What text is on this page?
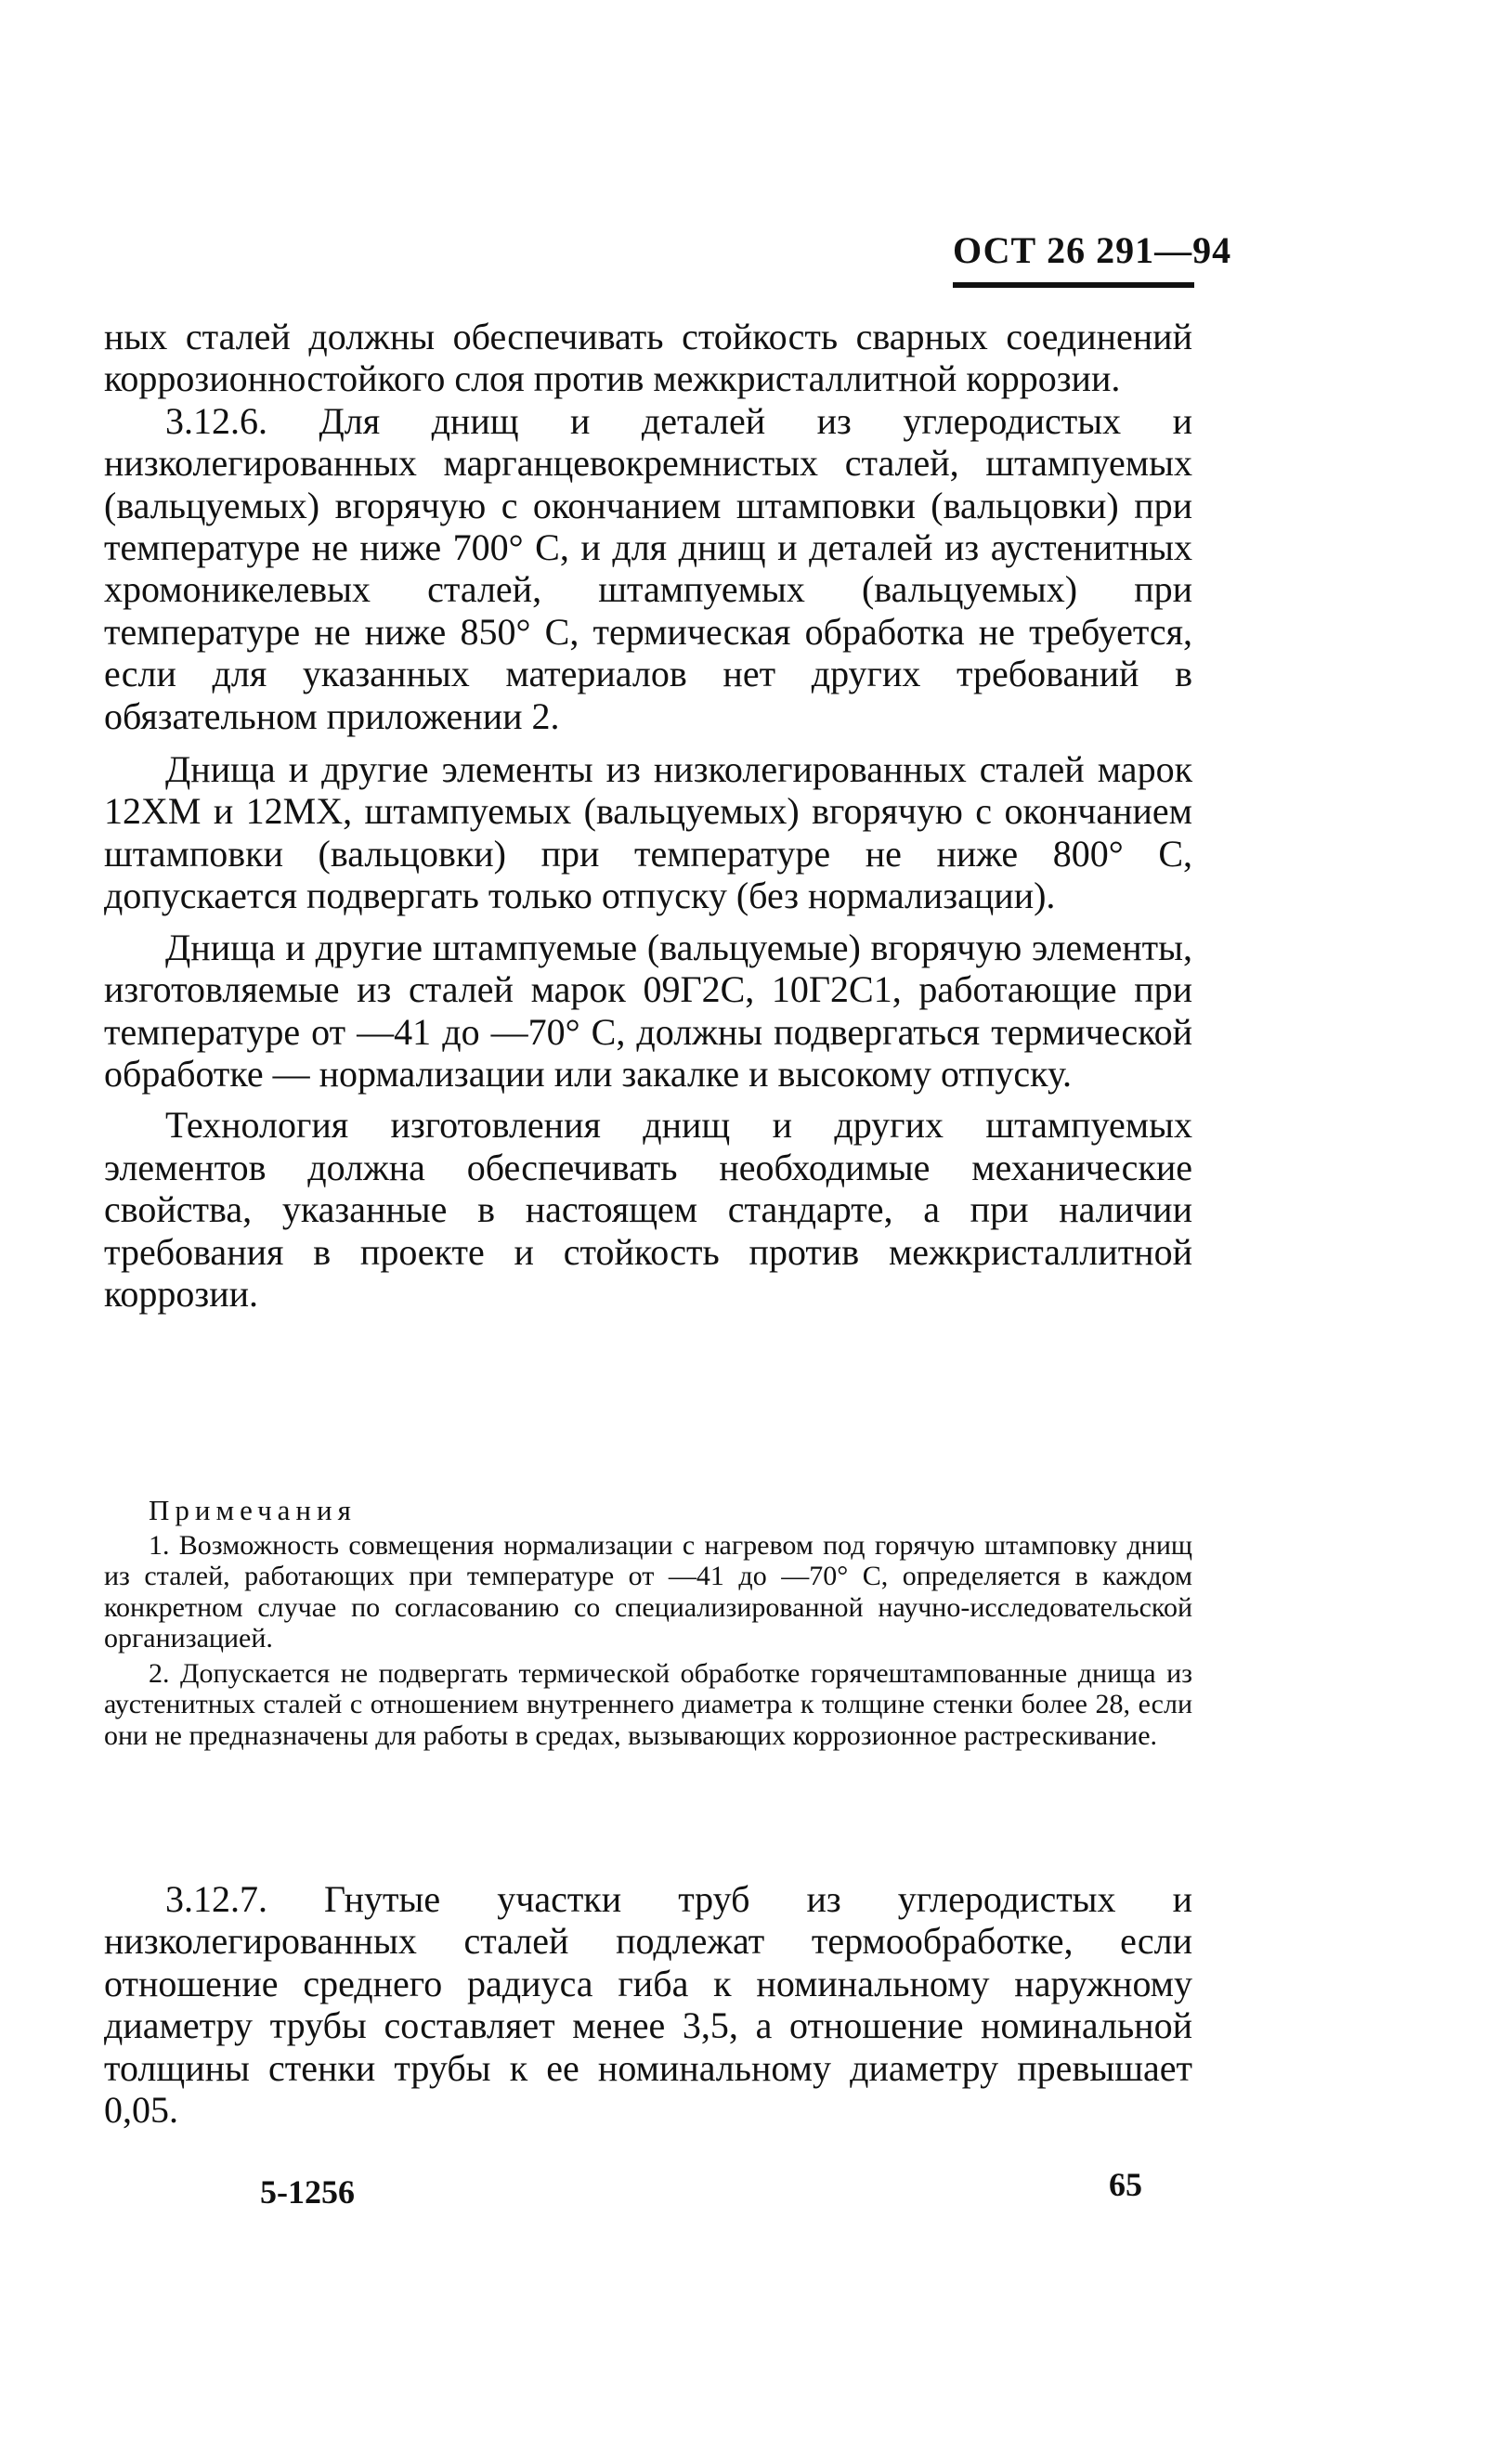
ОСТ 26 291—94

ных сталей должны обеспечивать стойкость сварных соединений коррозионностойкого слоя против межкристаллитной коррозии.

3.12.6. Для днищ и деталей из углеродистых и низколегированных марганцевокремнистых сталей, штампуемых (вальцуемых) вгорячую с окончанием штамповки (вальцовки) при температуре не ниже 700° С, и для днищ и деталей из аустенитных хромоникелевых сталей, штампуемых (вальцуемых) при температуре не ниже 850° С, термическая обработка не требуется, если для указанных материалов нет других требований в обязательном приложении 2.

Днища и другие элементы из низколегированных сталей марок 12ХМ и 12МХ, штампуемых (вальцуемых) вгорячую с окончанием штамповки (вальцовки) при температуре не ниже 800° С, допускается подвергать только отпуску (без нормализации).

Днища и другие штампуемые (вальцуемые) вгорячую элементы, изготовляемые из сталей марок 09Г2С, 10Г2С1, работающие при температуре от —41 до —70° С, должны подвергаться термической обработке — нормализации или закалке и высокому отпуску.

Технология изготовления днищ и других штампуемых элементов должна обеспечивать необходимые механические свойства, указанные в настоящем стандарте, а при наличии требования в проекте и стойкость против межкристаллитной коррозии.

Примечания

1. Возможность совмещения нормализации с нагревом под горячую штамповку днищ из сталей, работающих при температуре от —41 до —70° С, определяется в каждом конкретном случае по согласованию со специализированной научно-исследовательской организацией.

2. Допускается не подвергать термической обработке горячештампованные днища из аустенитных сталей с отношением внутреннего диаметра к толщине стенки более 28, если они не предназначены для работы в средах, вызывающих коррозионное растрескивание.

3.12.7. Гнутые участки труб из углеродистых и низколегированных сталей подлежат термообработке, если отношение среднего радиуса гиба к номинальному наружному диаметру трубы составляет менее 3,5, а отношение номинальной толщины стенки трубы к ее номинальному диаметру превышает 0,05.

5-1256	65
